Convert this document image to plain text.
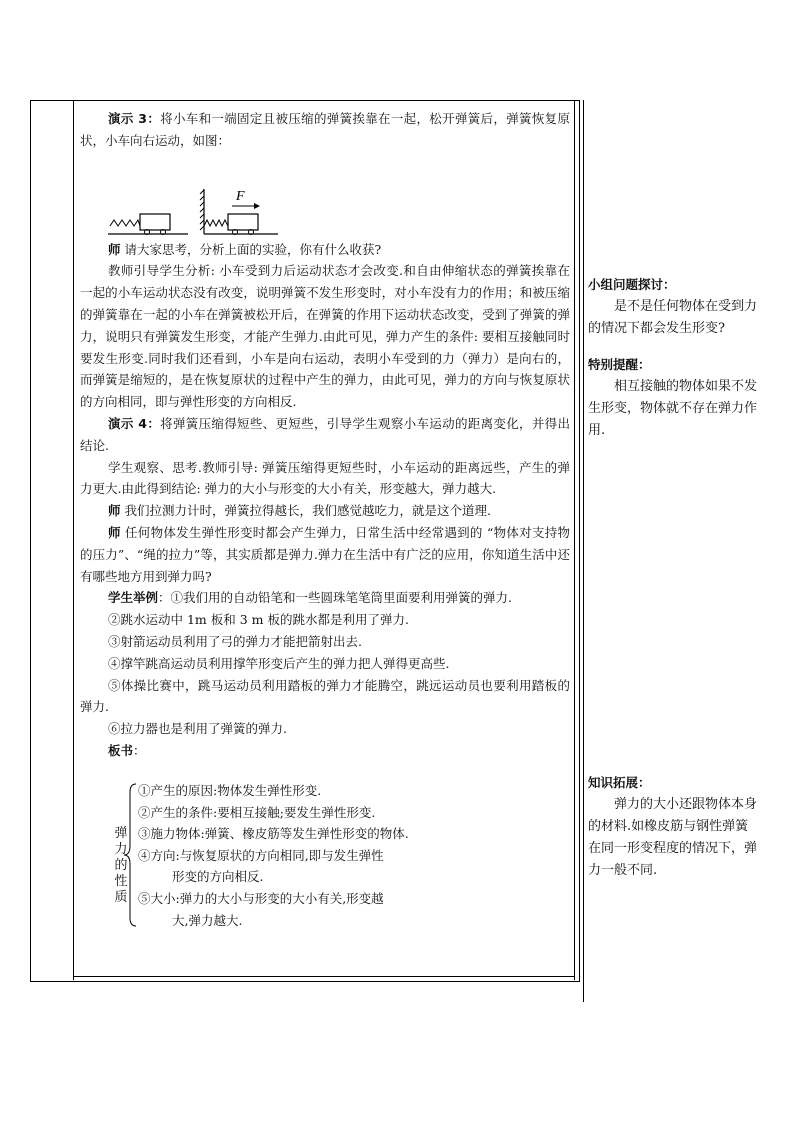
演示 3：将小车和一端固定且被压缩的弹簧挨靠在一起，松开弹簧后，弹簧恢复原状，小车向右运动，如图：

F

师 请大家思考，分析上面的实验，你有什么收获?

教师引导学生分析: 小车受到力后运动状态才会改变.和自由伸缩状态的弹簧挨靠在一起的小车运动状态没有改变，说明弹簧不发生形变时，对小车没有力的作用；和被压缩的弹簧靠在一起的小车在弹簧被松开后，在弹簧的作用下运动状态改变，受到了弹簧的弹力，说明只有弹簧发生形变，才能产生弹力.由此可见，弹力产生的条件: 要相互接触同时要发生形变.同时我们还看到，小车是向右运动，表明小车受到的力（弹力）是向右的，而弹簧是缩短的，是在恢复原状的过程中产生的弹力，由此可见，弹力的方向与恢复原状的方向相同，即与弹性形变的方向相反.

演示 4：将弹簧压缩得短些、更短些，引导学生观察小车运动的距离变化，并得出结论.

学生观察、思考.教师引导: 弹簧压缩得更短些时，小车运动的距离远些，产生的弹力更大.由此得到结论: 弹力的大小与形变的大小有关，形变越大，弹力越大.

师 我们拉测力计时，弹簧拉得越长，我们感觉越吃力，就是这个道理.

师 任何物体发生弹性形变时都会产生弹力，日常生活中经常遇到的 “物体对支持物的压力”、“绳的拉力”等，其实质都是弹力.弹力在生活中有广泛的应用，你知道生活中还有哪些地方用到弹力吗?

学生举例：①我们用的自动铅笔和一些圆珠笔笔筒里面要利用弹簧的弹力.

②跳水运动中 1m 板和 3 m 板的跳水都是利用了弹力.

③射箭运动员利用了弓的弹力才能把箭射出去.

④撑竿跳高运动员利用撑竿形变后产生的弹力把人弹得更高些.

⑤体操比赛中，跳马运动员利用踏板的弹力才能腾空，跳远运动员也要利用踏板的弹力.

⑥拉力器也是利用了弹簧的弹力.

板书：

弹
力
的
性
质
①产生的原因:物体发生弹性形变.
②产生的条件:要相互接触;要发生弹性形变.
③施力物体:弹簧、橡皮筋等发生弹性形变的物体.
④方向:与恢复原状的方向相同,即与发生弹性
形变的方向相反.
⑤大小:弹力的大小与形变的大小有关,形变越
大,弹力越大.
小组问题探讨：

是不是任何物体在受到力的情况下都会发生形变?

特别提醒：

相互接触的物体如果不发生形变，物体就不存在弹力作用.

知识拓展：

弹力的大小还跟物体本身的材料.如橡皮筋与钢性弹簧在同一形变程度的情况下，弹力一般不同.
